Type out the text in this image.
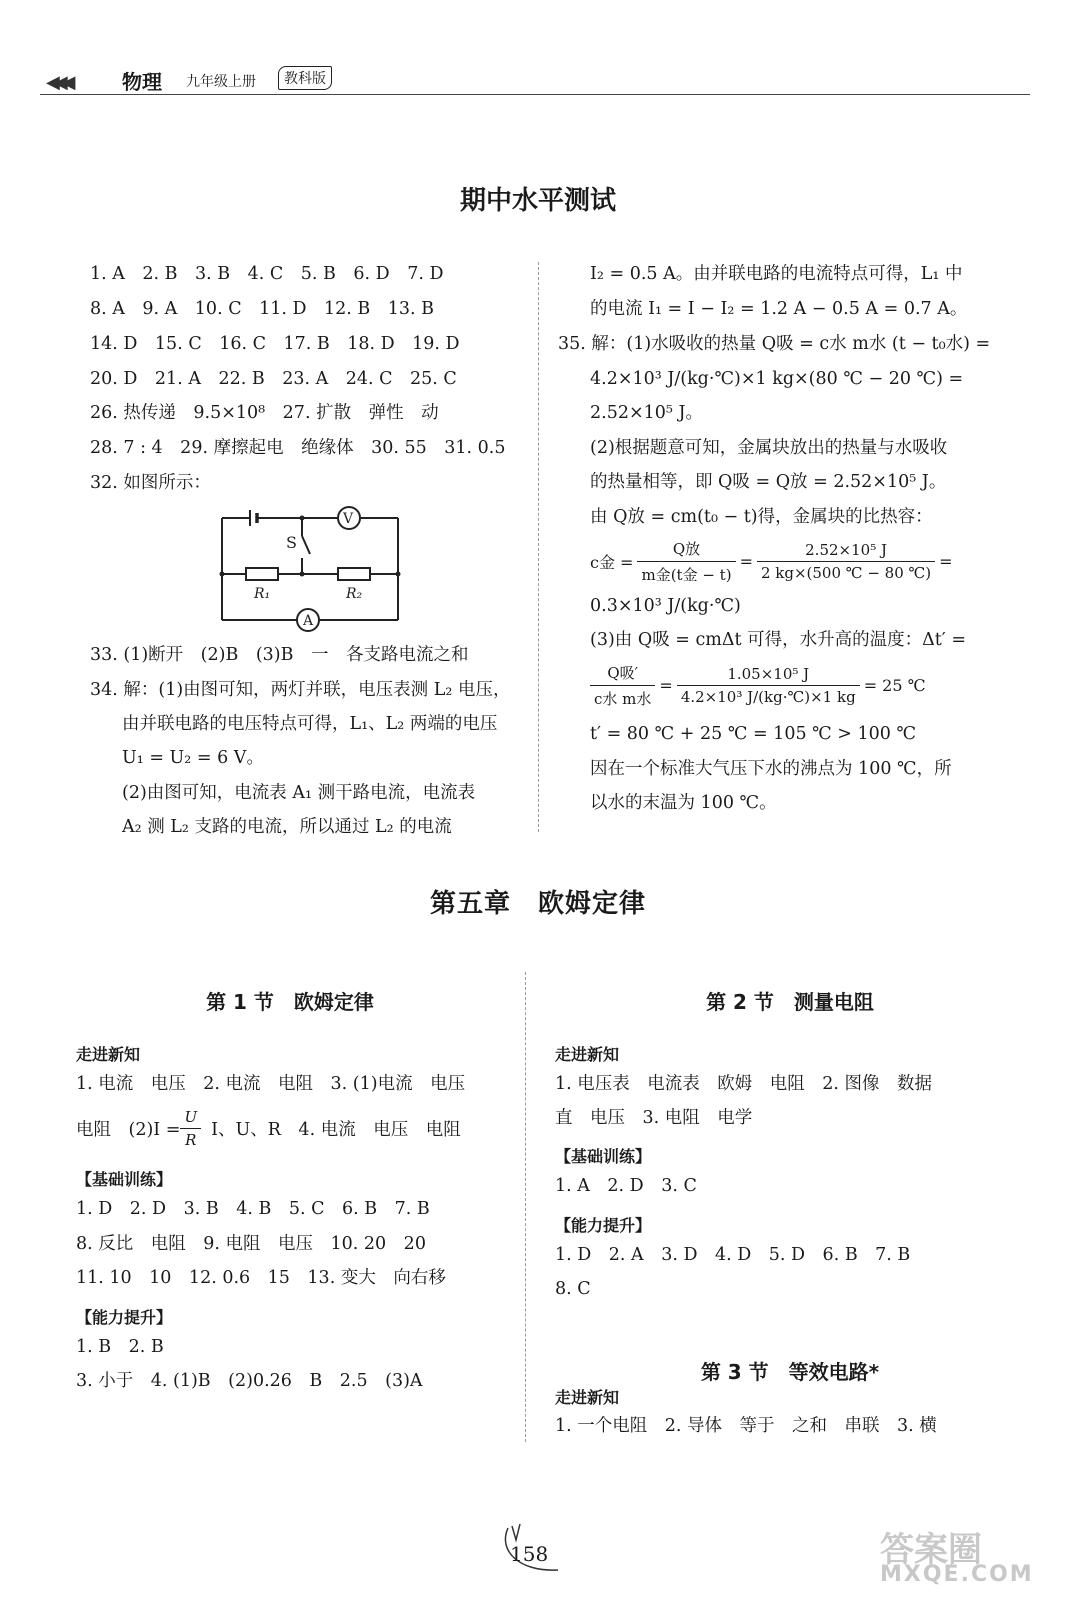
◀◀◀	物理 九年级上册	教科版
期中水平测试
1. A　2. B　3. B　4. C　5. B　6. D　7. D
8. A　9. A　10. C　11. D　12. B　13. B
14. D　15. C　16. C　17. B　18. D　19. D
20. D　21. A　22. B　23. A　24. C　25. C
26. 热传递　9.5×10⁸　27. 扩散　弹性　动
28. 7 : 4　29. 摩擦起电　绝缘体　30. 55　31. 0.5
32. 如图所示：
V
A
S
R₁	R₂
33. (1)断开　(2)B　(3)B　一　各支路电流之和
34. 解：(1)由图可知，两灯并联，电压表测 L₂ 电压，
由并联电路的电压特点可得，L₁、L₂ 两端的电压
U₁ = U₂ = 6 V。
(2)由图可知，电流表 A₁ 测干路电流，电流表
A₂ 测 L₂ 支路的电流，所以通过 L₂ 的电流
I₂ = 0.5 A。由并联电路的电流特点可得，L₁ 中
的电流 I₁ = I − I₂ = 1.2 A − 0.5 A = 0.7 A。
35. 解：(1)水吸收的热量 Q吸 = c水 m水 (t − t₀水) =
4.2×10³ J/(kg·℃)×1 kg×(80 ℃ − 20 ℃) =
2.52×10⁵ J。
(2)根据题意可知，金属块放出的热量与水吸收
的热量相等，即 Q吸 = Q放 = 2.52×10⁵ J。
由 Q放 = cm(t₀ − t)得，金属块的比热容：
c金 = $\frac{\text{Q放}}{\text{m金(t金 − t)}} = \frac{\text{2.52×10⁵ J}}{2 kg\times(500 ℃ - 80 ℃)}$ =
0.3×10³ J/(kg·℃)
(3)由 Q吸 = cmΔt 可得，水升高的温度：Δt′ =
$\frac{\text{Q吸′}}{\text{c水 m水}} = \frac{\text{1.05×10⁵ J}}{\text{4.2×10³ J/(kg·℃)×1 kg}} = 25$ ℃
t′ = 80 ℃ + 25 ℃ = 105 ℃ > 100 ℃
因在一个标准大气压下水的沸点为 100 ℃，所
以水的末温为 100 ℃。
第五章　欧姆定律
第 1 节　欧姆定律
走进新知
1. 电流　电压　2. 电流　电阻　3. (1)电流　电压
电阻　$(2)I = \frac{U}{R}$ I、U、R　4. 电流　电压　电阻
【基础训练】
1. D　2. D　3. B　4. B　5. C　6. B　7. B
8. 反比　电阻　9. 电阻　电压　10. 20　20
11. 10　10　12. 0.6　15　13. 变大　向右移
【能力提升】
1. B　2. B
3. 小于　4. (1)B　(2)0.26　B　2.5　(3)A
第 2 节　测量电阻
走进新知
1. 电压表　电流表　欧姆　电阻　2. 图像　数据
直　电压　3. 电阻　电学
【基础训练】
1. A　2. D　3. C
【能力提升】
1. D　2. A　3. D　4. D　5. D　6. B　7. B
8. C
第 3 节　等效电路*
走进新知
1. 一个电阻　2. 导体　等于　之和　串联　3. 横
158	答案圈
MXQE.COM
